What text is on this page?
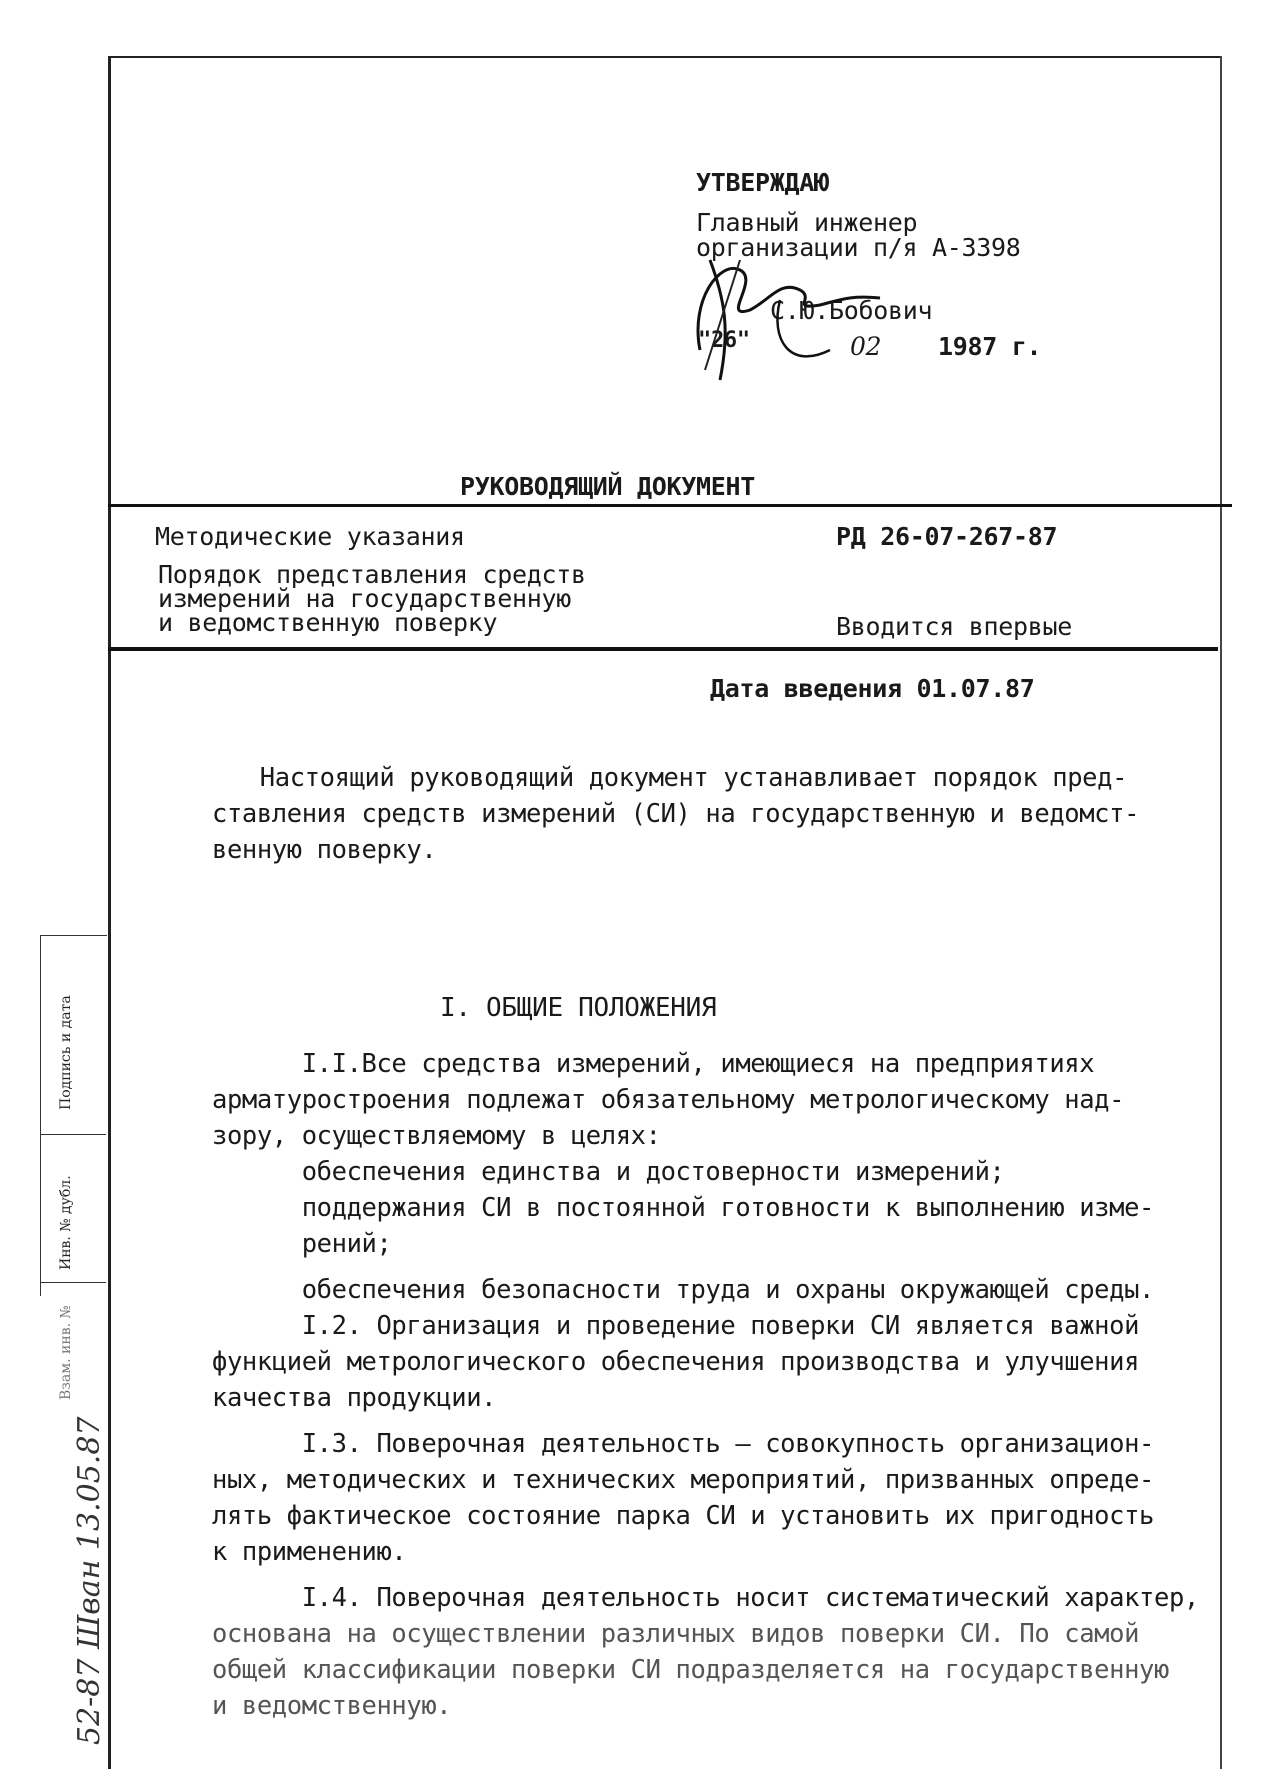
УТВЕРЖДАЮ
Главный инженер
организации п/я А-3398
С.Ю.Бобович
"26"	02 1987 г.
РУКОВОДЯЩИЙ ДОКУМЕНТ
Методические указания
Порядок представления средств
измерений на государственную
и ведомственную поверку
РД 26-07-267-87
Вводится впервые
Дата введения 01.07.87
Настоящий руководящий документ устанавливает порядок пред-
ставления средств измерений (СИ) на государственную и ведомст-
венную поверку.
I. ОБЩИЕ ПОЛОЖЕНИЯ
I.I.Все средства измерений, имеющиеся на предприятиях
арматуростроения подлежат обязательному метрологическому над-
зору, осуществляемому в целях:
обеспечения единства и достоверности измерений;
поддержания СИ в постоянной готовности к выполнению изме-
рений;
обеспечения безопасности труда и охраны окружающей среды.
I.2. Организация и проведение поверки СИ является важной
функцией метрологического обеспечения производства и улучшения
качества продукции.
I.3. Поверочная деятельность – совокупность организацион-
ных, методических и технических мероприятий, призванных опреде-
лять фактическое состояние парка СИ и установить их пригодность
к применению.
I.4. Поверочная деятельность носит систематический характер,
основана на осуществлении различных видов поверки СИ. По самой
общей классификации поверки СИ подразделяется на государственную
и ведомственную.
Подпись и дата
Инв. № дубл.
Взам. инв. №
52-87 Шван 13.05.87
